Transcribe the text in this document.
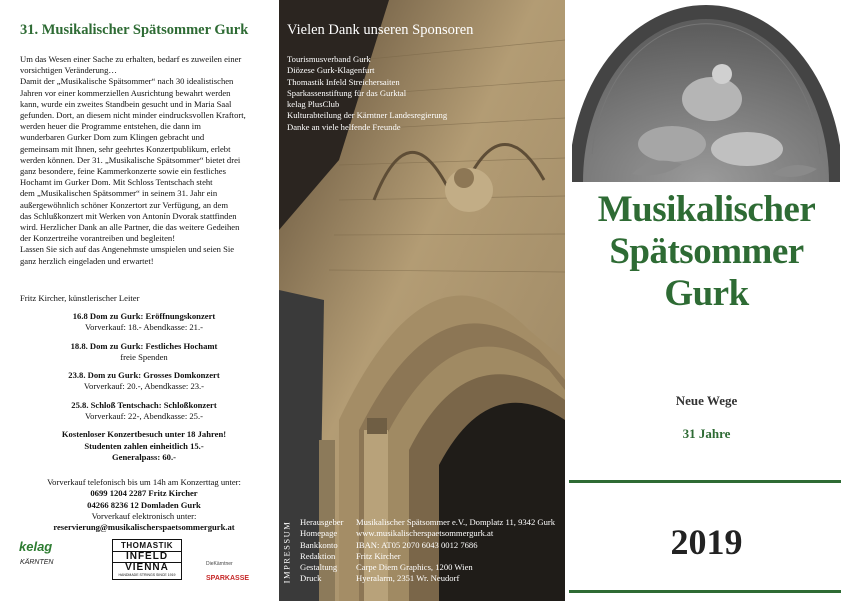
31. Musikalischer Spätsommer Gurk

Um das Wesen einer Sache zu erhalten, bedarf es zuweilen einer

vorsichtigen Veränderung…

Damit der „Musikalische Spätsommer“ nach 30 idealistischen

Jahren vor einer kommerziellen Ausrichtung bewahrt werden

kann, wurde ein zweites Standbein gesucht und in Maria Saal

gefunden. Dort, an diesem nicht minder eindrucksvollen Kraftort,

werden heuer die Programme entstehen, die dann im

wunderbaren Gurker Dom zum Klingen gebracht und

gemeinsam mit Ihnen, sehr geehrtes Konzertpublikum, erlebt

werden können. Der 31. „Musikalische Spätsommer“ bietet drei

ganz besondere, feine Kammerkonzerte sowie ein festliches

Hochamt im Gurker Dom. Mit Schloss Tentschach steht

dem „Musikalischen Spätsommer“ in seinem 31. Jahr ein

außergewöhnlich schöner Konzertort zur Verfügung, an dem

das Schlußkonzert mit Werken von Antonín Dvorak stattfinden

wird. Herzlicher Dank an alle Partner, die das weitere Gedeihen

der Konzertreihe vorantreiben und begleiten!

Lassen Sie sich auf das Angenehmste umspielen und seien Sie

ganz herzlich eingeladen und erwartet!

Fritz Kircher, künstlerischer Leiter
16.8 Dom zu Gurk: Eröffnungskonzert
Vorverkauf: 18.- Abendkasse: 21.-
18.8. Dom zu Gurk: Festliches Hochamt
freie Spenden
23.8. Dom zu Gurk: Grosses Domkonzert
Vorverkauf: 20.-, Abendkasse: 23.-
25.8. Schloß Tentschach: Schloßkonzert
Vorverkauf: 22-, Abendkasse: 25.-
Kostenloser Konzertbesuch unter 18 Jahren!
Studenten zahlen einheitlich 15.-
Generalpass: 60.-
Vorverkauf telefonisch bis um 14h am Konzerttag unter:
0699 1204 2287 Fritz Kircher
04266 8236 12 Domladen Gurk
Vorverkauf elektronisch unter:
reservierung@musikalischerspaetsommergurk.at
kelag
KÄRNTEN
THOMASTIK
INFELD
VIENNA
HANDMADE STRINGS SINCE 1919
DieKärntner
SPARKASSE
Vielen Dank unseren Sponsoren
Tourismusverband Gurk
Diözese Gurk-Klagenfurt
Thomastik Infeld Streichersaiten
Sparkassenstiftung für das Gurktal
kelag PlusClub
Kulturabteilung der Kärntner Landesregierung
Danke an viele helfende Freunde
IMPRESSUM Herausgeber	Musikalischer Spätsommer e.V., Domplatz 11, 9342 Gurk
Homepage	www.musikalischerspaetsommergurk.at
Bankkonto	IBAN: AT05 2070 6043 0012 7686
Redaktion	Fritz Kircher
Gestaltung	Carpe Diem Graphics, 1200 Wien
Druck	Hyeralarm, 2351 Wr. Neudorf
Musikalischer
Spätsommer
Gurk
Neue Wege
31 Jahre
2019
